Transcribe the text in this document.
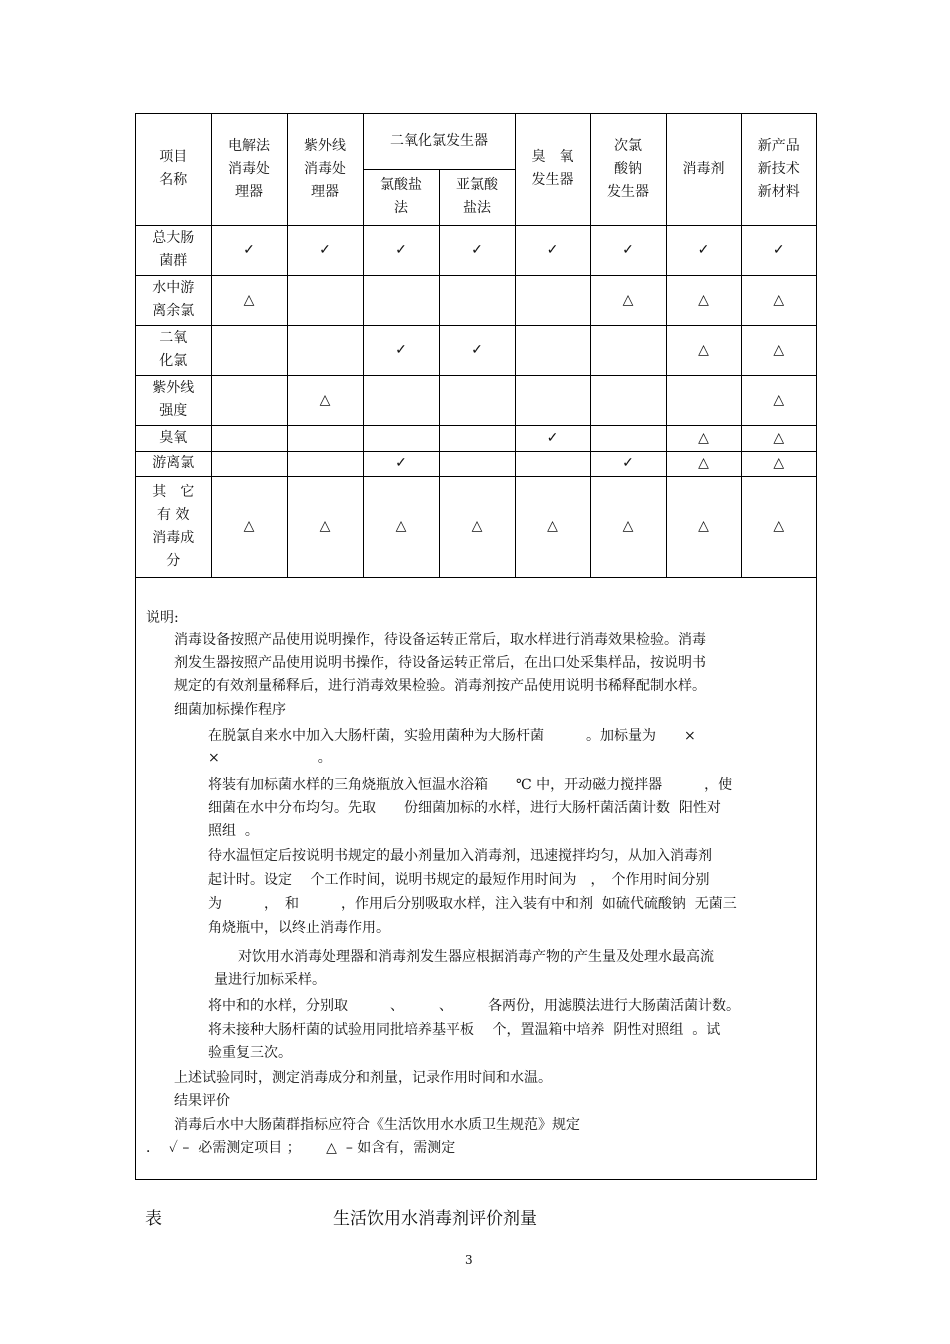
项目
名称	电解法
消毒处
理器	紫外线
消毒处
理器	二氧化氯发生器		臭　氧
发生器	次氯
酸钠
发生器	消毒剂	新产品
新技术
新材料
			氯酸盐
法	亚氯酸
盐法				
总大肠
菌群	✓	✓	✓	✓	✓	✓	✓	✓
水中游
离余氯	△					△	△	△
二氧
化氯			✓	✓			△	△
紫外线
强度		△						△
臭氧					✓		△	△
游离氯			✓			✓	△	△
其　它
有 效
消毒成
分	△	△	△	△	△	△	△	△
说明:
消毒设备按照产品使用说明操作，待设备运转正常后，取水样进行消毒效果检验。消毒
剂发生器按照产品使用说明书操作，待设备运转正常后，在出口处采集样品，按说明书
规定的有效剂量稀释后，进行消毒效果检验。消毒剂按产品使用说明书稀释配制水样。
细菌加标操作程序
在脱氯自来水中加入大肠杆菌，实验用菌种为大肠杆菌　　　。加标量为　　×
×　　　　　　　。
将装有加标菌水样的三角烧瓶放入恒温水浴箱　　℃ 中，开动磁力搅拌器　　　，使
细菌在水中分布均匀。先取　　份细菌加标的水样，进行大肠杆菌活菌计数  阳性对
照组  。
待水温恒定后按说明书规定的最小剂量加入消毒剂，迅速搅拌均匀，从加入消毒剂
起计时。设定　 个工作时间，说明书规定的最短作用时间为　，　个作用时间分别
为　　　，　和　　　，作用后分别吸取水样，注入装有中和剂  如硫代硫酸钠  无菌三
角烧瓶中，以终止消毒作用。
对饮用水消毒处理器和消毒剂发生器应根据消毒产物的产生量及处理水最高流
量进行加标采样。
将中和的水样，分别取　　　、　　　、　　　各两份，用滤膜法进行大肠菌活菌计数。
将未接种大肠杆菌的试验用同批培养基平板　 个，置温箱中培养  阴性对照组  。试
验重复三次。
上述试验同时，测定消毒成分和剂量，记录作用时间和水温。
结果评价
消毒后水中大肠菌群指标应符合《生活饮用水水质卫生规范》规定
．  ✓ –  必需测定项目 ；　　 △  – 如含有，需测定
表	生活饮用水消毒剂评价剂量
3
